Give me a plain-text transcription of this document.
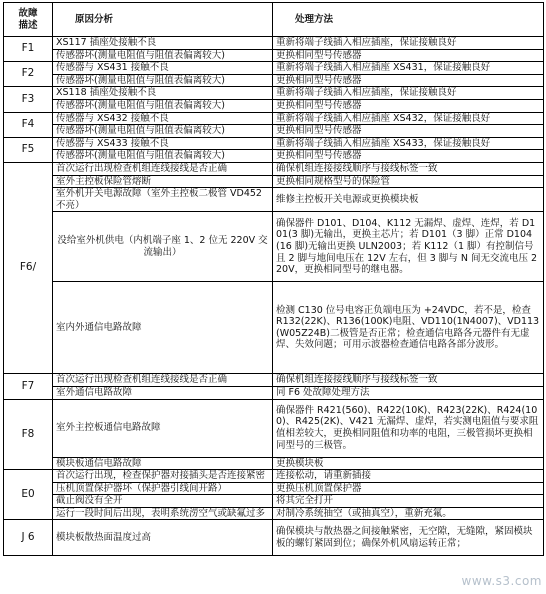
故障
描述	原因分析	处理方法
F1	XS117 插座处接触不良	重新将端子线插入相应插座，保证接触良好
	传感器坏(测量电阻值与阻值表偏离较大)	更换相同型号传感器
F2	传感器与 XS431 接触不良	重新将端子线插入相应插座 XS431，保证接触良好
	传感器坏(测量电阻值与阻值表偏离较大)	更换相同型号传感器
F3	XS118 插座处接触不良	重新将端子线插入相应插座，保证接触良好
	传感器坏(测量电阻值与阻值表偏离较大)	更换相同型号传感器
F4	传感器与 XS432 接触不良	重新将端子线插入相应插座 XS432，保证接触良好
	传感器坏(测量电阻值与阻值表偏离较大)	更换相同型号传感器
F5	传感器与 XS433 接触不良	重新将端子线插入相应插座 XS433，保证接触良好
	传感器坏(测量电阻值与阻值表偏离较大)	更换相同型号传感器
F6/	首次运行出现检查机组连线接线是否正确	确保机组连接接线顺序与接线标签一致
	室外主控板保险管熔断	更换相同规格型号的保险管
	室外机开关电源故障（室外主控板二极管 VD452 不亮）	维修主控板开关电源或更换模块板
	没给室外机供电（内机端子座 1、2 位无 220V 交流输出）	确保器件 D101、D104、K112 无漏焊、虚焊、连焊，若 D101(3 脚)无输出，更换主芯片；若 D101（3 脚）正常 D104(16 脚)无输出更换 ULN2003；若 K112（1 脚）有控制信号且 2 脚与地间电压在 12V 左右，但 3 脚与 N 间无交流电压 220V，更换相同型号的继电器。
	室内外通信电路故障	检测 C130 位号电容正负端电压为 +24VDC，若不是，检查 R132(22K)、R136(100K)电阻、VD110(1N4007)、VD113(W05Z24B)二极管是否正常；检查通信电路各元器件有无虚焊、失效问题；可用示波器检查通信电路各部分波形。
F7	首次运行出现检查机组连线接线是否正确	确保机组连接接线顺序与接线标签一致
	室外通信电路故障	同 F6 处故障处理方法
F8	室外主控板通信电路故障	确保器件 R421(560)、R422(10K)、R423(22K)、R424(100)、R425(2K)、V421 无漏焊、虚焊，若实测电阻值与要求阻值相差较大，更换相同阻值和功率的电阻，三极管损坏更换相同型号的三极管。
	模块板通信电路故障	更换模块板
E0	首次运行出现，检查保护器对接插头是否连接紧密	连接松动，请重新插接
	压机顶置保护器坏（保护器引线间开路）	更换压机顶置保护器
	截止阀没有全开	将其完全打开
	运行一段时间后出现，表明系统涝空气或缺氟过多	对制冷系统抽空（或抽真空），重新充氟。
J 6	模块板散热面温度过高	确保模块与散热器之间接触紧密，无空隙，无缝隙，紧固模块板的螺钉紧固到位；确保外机风扇运转正常；
www.s3.com
